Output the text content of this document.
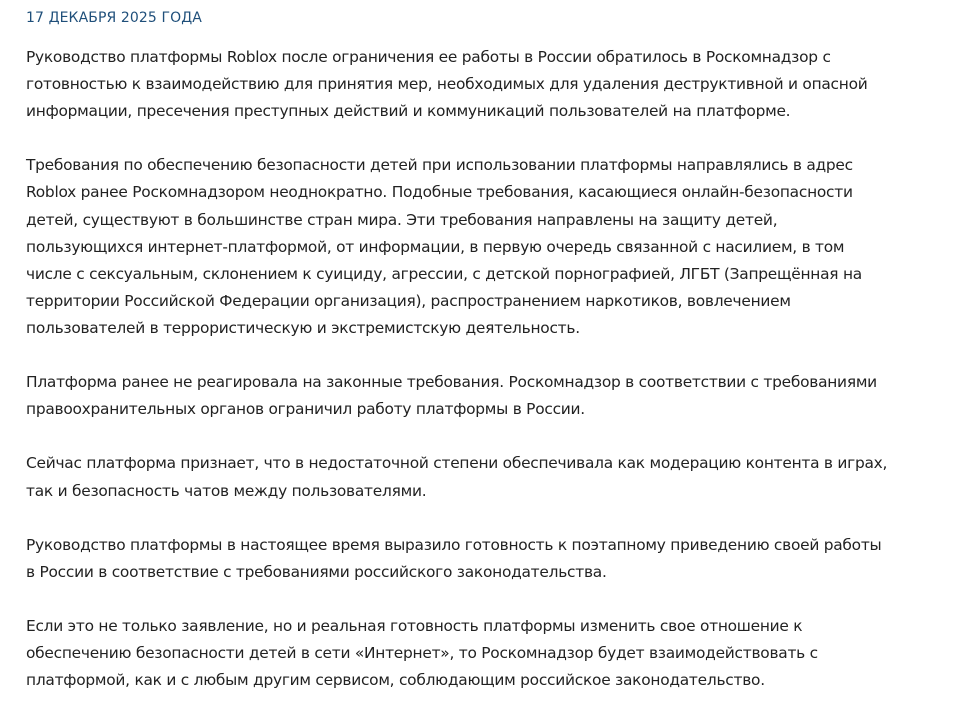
17 ДЕКАБРЯ 2025 ГОДА

Руководство платформы Roblox после ограничения ее работы в России обратилось в Роскомнадзор с
готовностью к взаимодействию для принятия мер, необходимых для удаления деструктивной и опасной
информации, пресечения преступных действий и коммуникаций пользователей на платформе.

Требования по обеспечению безопасности детей при использовании платформы направлялись в адрес
Roblox ранее Роскомнадзором неоднократно. Подобные требования, касающиеся онлайн-безопасности
детей, существуют в большинстве стран мира. Эти требования направлены на защиту детей,
пользующихся интернет-платформой, от информации, в первую очередь связанной с насилием, в том
числе с сексуальным, склонением к суициду, агрессии, с детской порнографией, ЛГБТ (Запрещённая на
территории Российской Федерации организация), распространением наркотиков, вовлечением
пользователей в террористическую и экстремистскую деятельность.

Платформа ранее не реагировала на законные требования. Роскомнадзор в соответствии с требованиями
правоохранительных органов ограничил работу платформы в России.

Сейчас платформа признает, что в недостаточной степени обеспечивала как модерацию контента в играх,
так и безопасность чатов между пользователями.

Руководство платформы в настоящее время выразило готовность к поэтапному приведению своей работы
в России в соответствие с требованиями российского законодательства.

Если это не только заявление, но и реальная готовность платформы изменить свое отношение к
обеспечению безопасности детей в сети «Интернет», то Роскомнадзор будет взаимодействовать с
платформой, как и с любым другим сервисом, соблюдающим российское законодательство.
